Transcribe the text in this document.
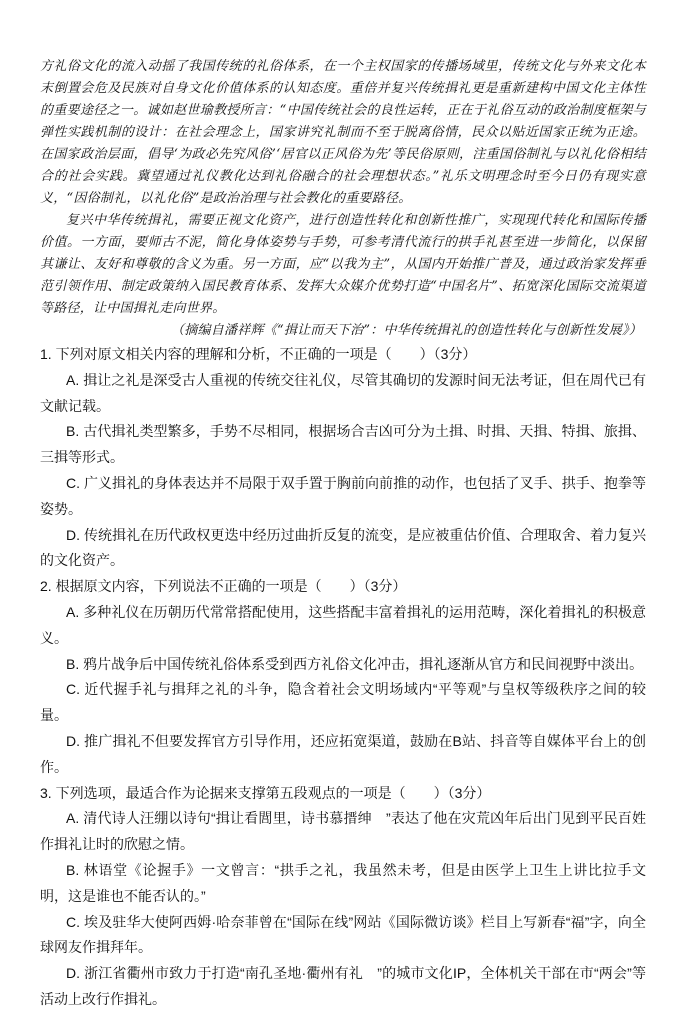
方礼俗文化的流入动摇了我国传统的礼俗体系，在一个主权国家的传播场域里，传统文化与外来文化本末倒置会危及民族对自身文化价值体系的认知态度。重倍并复兴传统揖礼更是重新建构中国文化主体性的重要途径之一。诚如赵世瑜教授所言：“中国传统社会的良性运转，正在于礼俗互动的政治制度框架与弹性实践机制的设计：在社会理念上，国家讲究礼制而不至于脱离俗情，民众以贴近国家正统为正途。在国家政治层面，倡导‘为政必先究风俗’‘居官以正风俗为先’等民俗原则，注重国俗制礼与以礼化俗相结合的社会实践。冀望通过礼仪教化达到礼俗融合的社会理想状态。”礼乐文明理念时至今日仍有现实意义，“因俗制礼，以礼化俗”是政治治理与社会教化的重要路径。

复兴中华传统揖礼，需要正视文化资产，进行创造性转化和创新性推广，实现现代转化和国际传播价值。一方面，要师古不泥，简化身体姿势与手势，可参考清代流行的拱手礼甚至进一步简化，以保留其谦让、友好和尊敬的含义为重。另一方面，应“以我为主”，从国内开始推广普及，通过政治家发挥垂范引领作用、制定政策纳入国民教育体系、发挥大众媒介优势打造“中国名片”、拓宽深化国际交流渠道等路径，让中国揖礼走向世界。

（摘编自潘祥辉《“揖让而天下治”：中华传统揖礼的创造性转化与创新性发展》）

1. 下列对原文相关内容的理解和分析，不正确的一项是（　　）（3分）

A. 揖让之礼是深受古人重视的传统交往礼仪，尽管其确切的发源时间无法考证，但在周代已有文献记载。

B. 古代揖礼类型繁多，手势不尽相同，根据场合吉凶可分为土揖、时揖、天揖、特揖、旅揖、三揖等形式。

C. 广义揖礼的身体表达并不局限于双手置于胸前向前推的动作，也包括了叉手、拱手、抱拳等姿势。

D. 传统揖礼在历代政权更迭中经历过曲折反复的流变，是应被重估价值、合理取舍、着力复兴的文化资产。

2. 根据原文内容，下列说法不正确的一项是（　　）（3分）

A. 多种礼仪在历朝历代常常搭配使用，这些搭配丰富着揖礼的运用范畴，深化着揖礼的积极意义。

B. 鸦片战争后中国传统礼俗体系受到西方礼俗文化冲击，揖礼逐渐从官方和民间视野中淡出。

C. 近代握手礼与揖拜之礼的斗争，隐含着社会文明场域内“平等观”与皇权等级秩序之间的较量。

D. 推广揖礼不但要发挥官方引导作用，还应拓宽渠道，鼓励在B站、抖音等自媒体平台上的创作。

3. 下列选项，最适合作为论据来支撑第五段观点的一项是（　　）（3分）

A. 清代诗人汪绷以诗句“揖让看閭里，诗书慕搢绅　”表达了他在灾荒凶年后出门见到平民百姓作揖礼让时的欣慰之情。

B. 林语堂《论握手》一文曾言：“拱手之礼，我虽然未考，但是由医学上卫生上讲比拉手文明，这是谁也不能否认的。”

C. 埃及驻华大使阿西姆·哈奈菲曾在“国际在线”网站《国际微访谈》栏目上写新春“福”字，向全球网友作揖拜年。

D. 浙江省衢州市致力于打造“南孔圣地·衢州有礼　”的城市文化IP，全体机关干部在市“两会”等活动上改行作揖礼。
